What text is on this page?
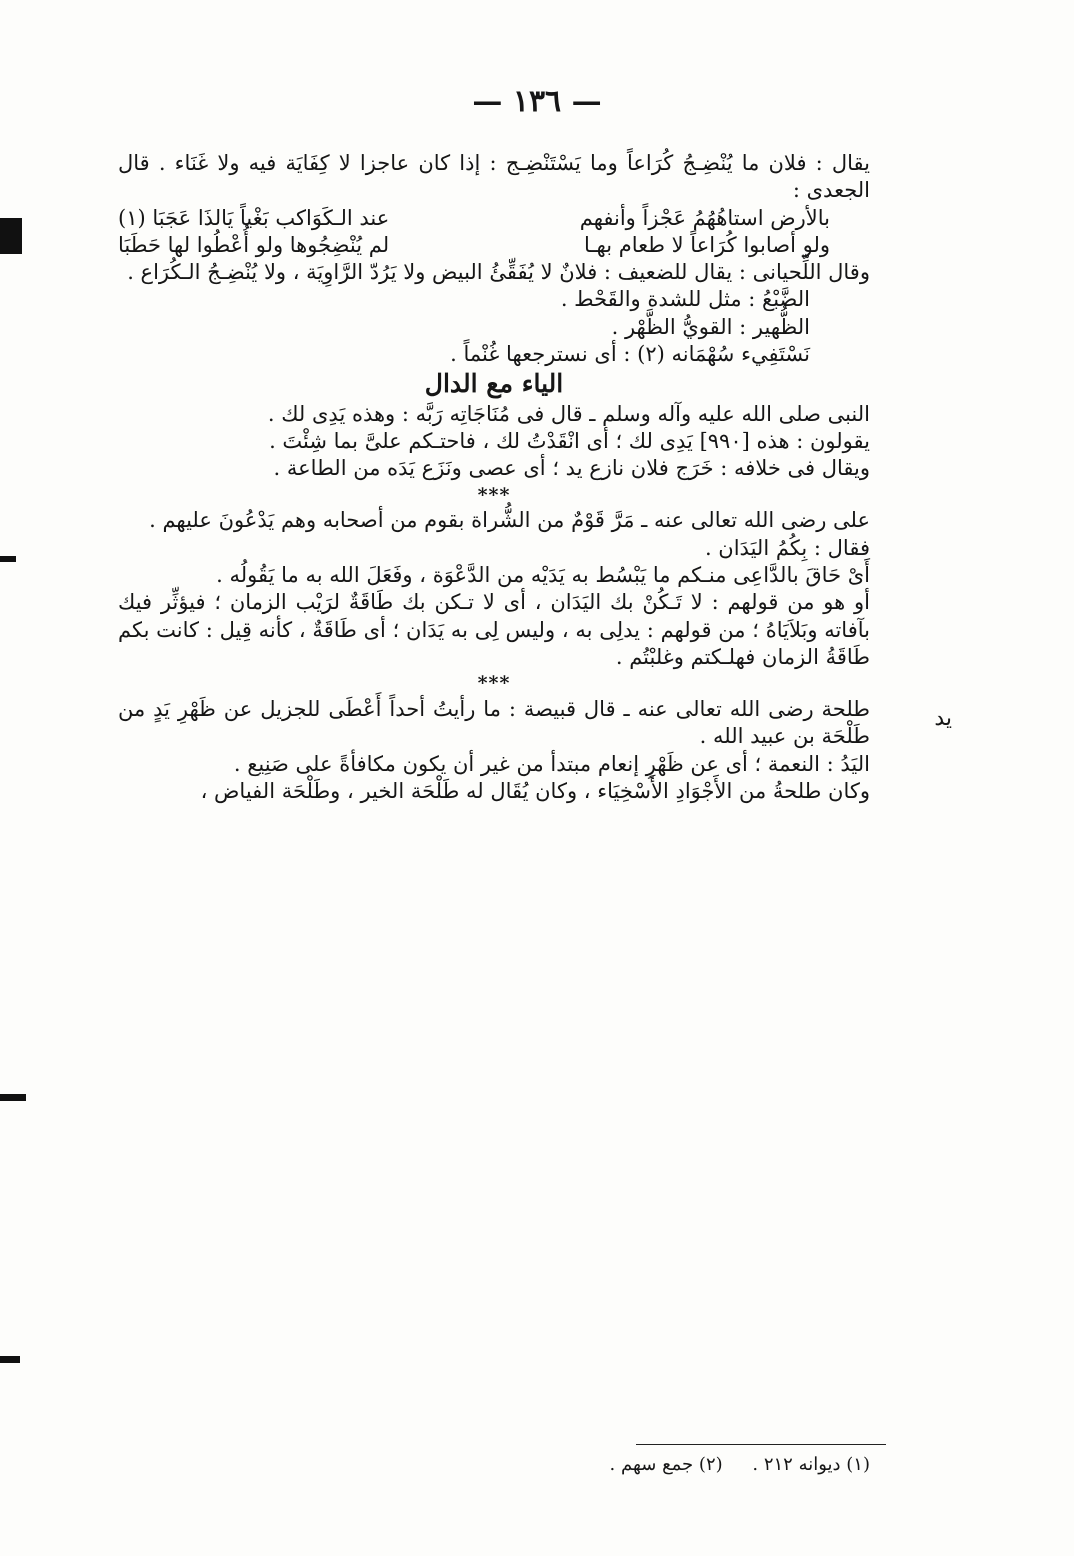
— ١٣٦ —
يد

يقال : فلان ما يُنْضِـجُ كُرَاعاً وما يَسْتَنْضِـج : إذا كان عاجزا لا كِفَايَة فيه ولا غَنَاء . قال الجعدى :

بالأرض استاهُهُمُ عَجْزاً وأنفهم
عند الـكَوَاكب بَغْياً يَالذَا عَجَبَا (١)
ولو أصابوا كُرَاعاً لا طعام بهـا
لم يُنْضِجُوها ولو أُعْطُوا لها حَطَبَا

وقال اللِّحيانى : يقال للضعيف : فلانٌ لا يُفَقِّئُ البيض ولا يَرُدّ الرَّاوِيَة ، ولا يُنْضِـجُ الـكُرَاع .

الضَّبْعُ : مثل للشدة والقَحْط .

الظُّهير : القويُّ الظَّهْر .

نَسْتَفِيء سُهْمَانه (٢) : أى نسترجعها غُنْماً .

الياء مع الدال

النبى صلى الله عليه وآله وسلم ـ قال فى مُنَاجَاتِه رَبَّه : وهذه يَدِى لك .

يقولون : هذه [٩٩٠] يَدِى لك ؛ أى انْقَدْتُ لك ، فاحتـكم علىَّ بما شِئْتَ .

ويقال فى خلافه : خَرَج فلان نازع يد ؛ أى عصى ونَزَع يَدَه من الطاعة .

***

على رضى الله تعالى عنه ـ مَرَّ قَوْمٌ من الشُّراة بقوم من أصحابه وهم يَدْعُونَ عليهم .

فقال : بِكُمُ اليَدَان .

أَىْ حَاقَ بالدَّاعِى منـكم ما يَبْسُط به يَدَيْه من الدَّعْوَة ، وفَعَلَ الله به ما يَقُولُه .

أو هو من قولهم : لا تَـكُنْ بك اليَدَان ، أى لا تـكن بك طَاقَةٌ لرَيْب الزمان ؛ فيؤثِّر فيك بآفاته وبَلاَيَاهُ ؛ من قولهم : يدلِى به ، وليس لِى به يَدَان ؛ أى طَاقَةٌ ، كأنه قِيل : كانت بكم طَاقَةُ الزمان فهلـكتم وغلبْتُم .

***

طلحة رضى الله تعالى عنه ـ قال قبيصة : ما رأيتُ أحداً أَعْطَى للجزيل عن ظَهْرِ يَدٍ من طَلْحَة بن عبيد الله .

اليَدُ : النعمة ؛ أى عن ظَهْرِ إنعام مبتدأ من غير أن يكون مكافأةً على صَنِيع .

وكان طلحةُ من الأَجْوَادِ الأَسْخِيَاء ، وكان يُقَال له طَلْحَة الخير ، وطَلْحَة الفياض ،

(١) ديوانه ٢١٢ . (٢) جمع سهم .
